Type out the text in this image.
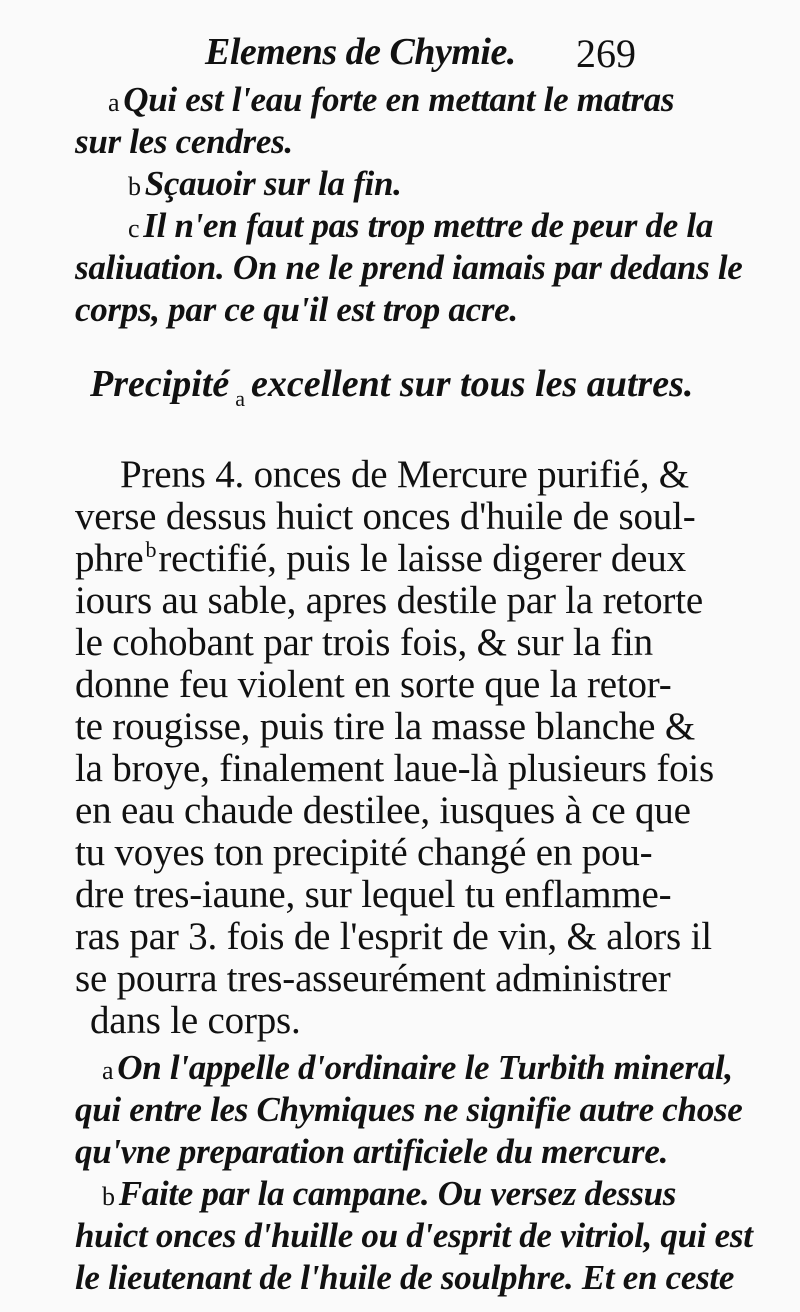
Elemens de Chymie. 269
a Qui est l'eau forte en mettant le matras
sur les cendres.
b Sçauoir sur la fin.
c Il n'en faut pas trop mettre de peur de la
saliuation. On ne le prend iamais par dedans le
corps, par ce qu'il est trop acre.
Precipité $_a$ excellent sur tous les autres.
Prens 4. onces de Mercure purifié, &
verse dessus huict onces d'huile de soul-
phre$^b$rectifié, puis le laisse digerer deux
iours au sable, apres destile par la retorte
le cohobant par trois fois, & sur la fin
donne feu violent en sorte que la retor-
te rougisse, puis tire la masse blanche &
la broye, finalement laue-là plusieurs fois
en eau chaude destilee, iusques à ce que
tu voyes ton precipité changé en pou-
dre tres-iaune, sur lequel tu enflamme-
ras par 3. fois de l'esprit de vin, & alors il
se pourra tres-asseurément administrer
dans le corps.
a On l'appelle d'ordinaire le Turbith mineral,
qui entre les Chymiques ne signifie autre chose
qu'vne preparation artificiele du mercure.
b Faite par la campane. Ou versez dessus
huict onces d'huille ou d'esprit de vitriol, qui est
le lieutenant de l'huile de soulphre. Et en ceste
